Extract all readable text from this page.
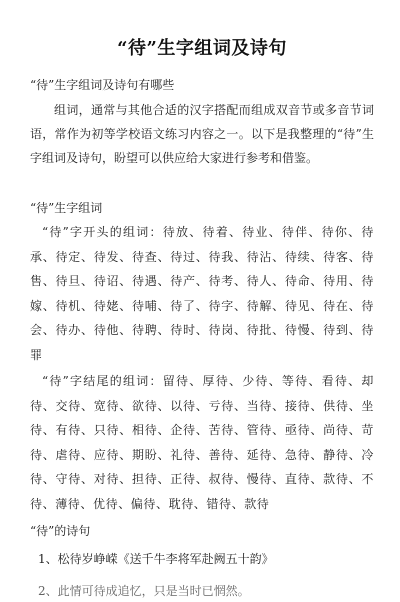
“待”生字组词及诗句
“待”生字组词及诗句有哪些

组词，通常与其他合适的汉字搭配而组成双音节或多音节词语，常作为初等学校语文练习内容之一。以下是我整理的“待”生字组词及诗句，盼望可以供应给大家进行参考和借鉴。

“待”生字组词

“待”字开头的组词：待放、待着、待业、待伴、待你、待承、待定、待发、待查、待过、待我、待沾、待续、待客、待售、待旦、待诏、待遇、待产、待考、待人、待命、待用、待嫁、待机、待姥、待哺、待了、待字、待解、待见、待在、待会、待办、待他、待聘、待时、待岗、待批、待慢、待到、待罪

“待”字结尾的组词：留待、厚待、少待、等待、看待、却待、交待、宽待、欲待、以待、亏待、当待、接待、供待、坐待、有待、只待、相待、企待、苦待、管待、亟待、尚待、苛待、虐待、应待、期盼、礼待、善待、延待、急待、静待、冷待、守待、对待、担待、正待、叔待、慢待、直待、款待、不待、薄待、优待、偏待、耽待、错待、款待

“待”的诗句
1、松待岁峥嵘《送千牛李将军赴阙五十韵》
2、此情可待成追忆，只是当时已惘然。
